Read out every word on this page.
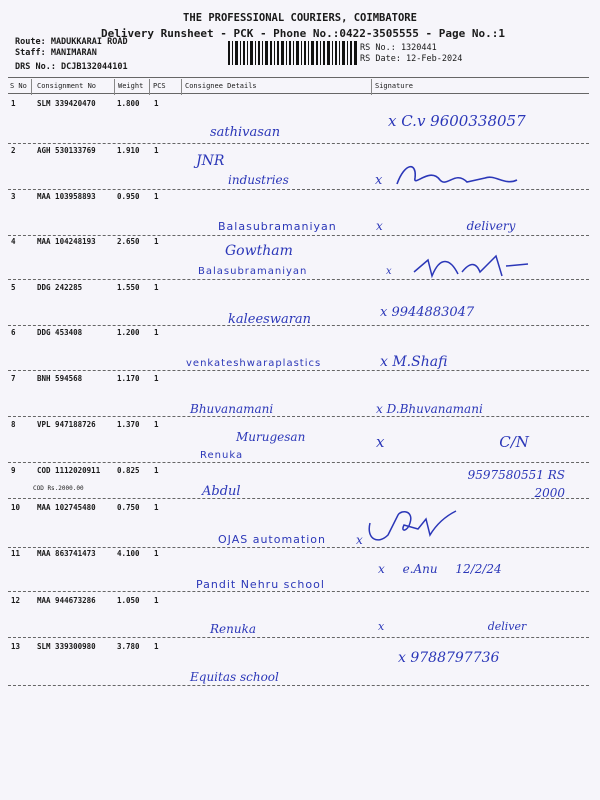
THE PROFESSIONAL COURIERS, COIMBATORE
Delivery Runsheet - PCK - Phone No.:0422-3505555 - Page No.:1
Route: MADUKKARAI ROAD
Staff: MANIMARAN
DRS No.: DCJB132044101
RS No.: 1320441
RS Date: 12-Feb-2024
S No Consignment No	Weight PCS	Consignee Details	Signature
1	SLM 339420470	1.800 1
sathivasan
x C.v 9600338057
2	AGH 530133769	1.910 1
JNR
industries	x
3	MAA 103958893	0.950 1
Balasubramaniyan	x delivery
4	MAA 104248193	2.650 1
Gowtham
Balasubramaniyan	x
5	DDG 242285	1.550 1
kaleeswaran	x 9944883047
6	DDG 453408	1.200 1
venkateshwaraplastics	x M.Shafi
7	BNH 594568	1.170 1
Bhuvanamani	x D.Bhuvanamani
8	VPL 947188726	1.370 1
Murugesan
Renuka
x C/N
9	COD 1112020911 0.825 1
COD Rs.2000.00	Abdul
9597580551 RS 2000
10 MAA 102745480	0.750 1
OJAS automation	x
11 MAA 863741473	4.100 1
Pandit Nehru school
x e.Anu 12/2/24
12 MAA 944673286	1.050 1
Renuka	x deliver
13 SLM 339300980	3.780 1
Equitas school
x 9788797736
